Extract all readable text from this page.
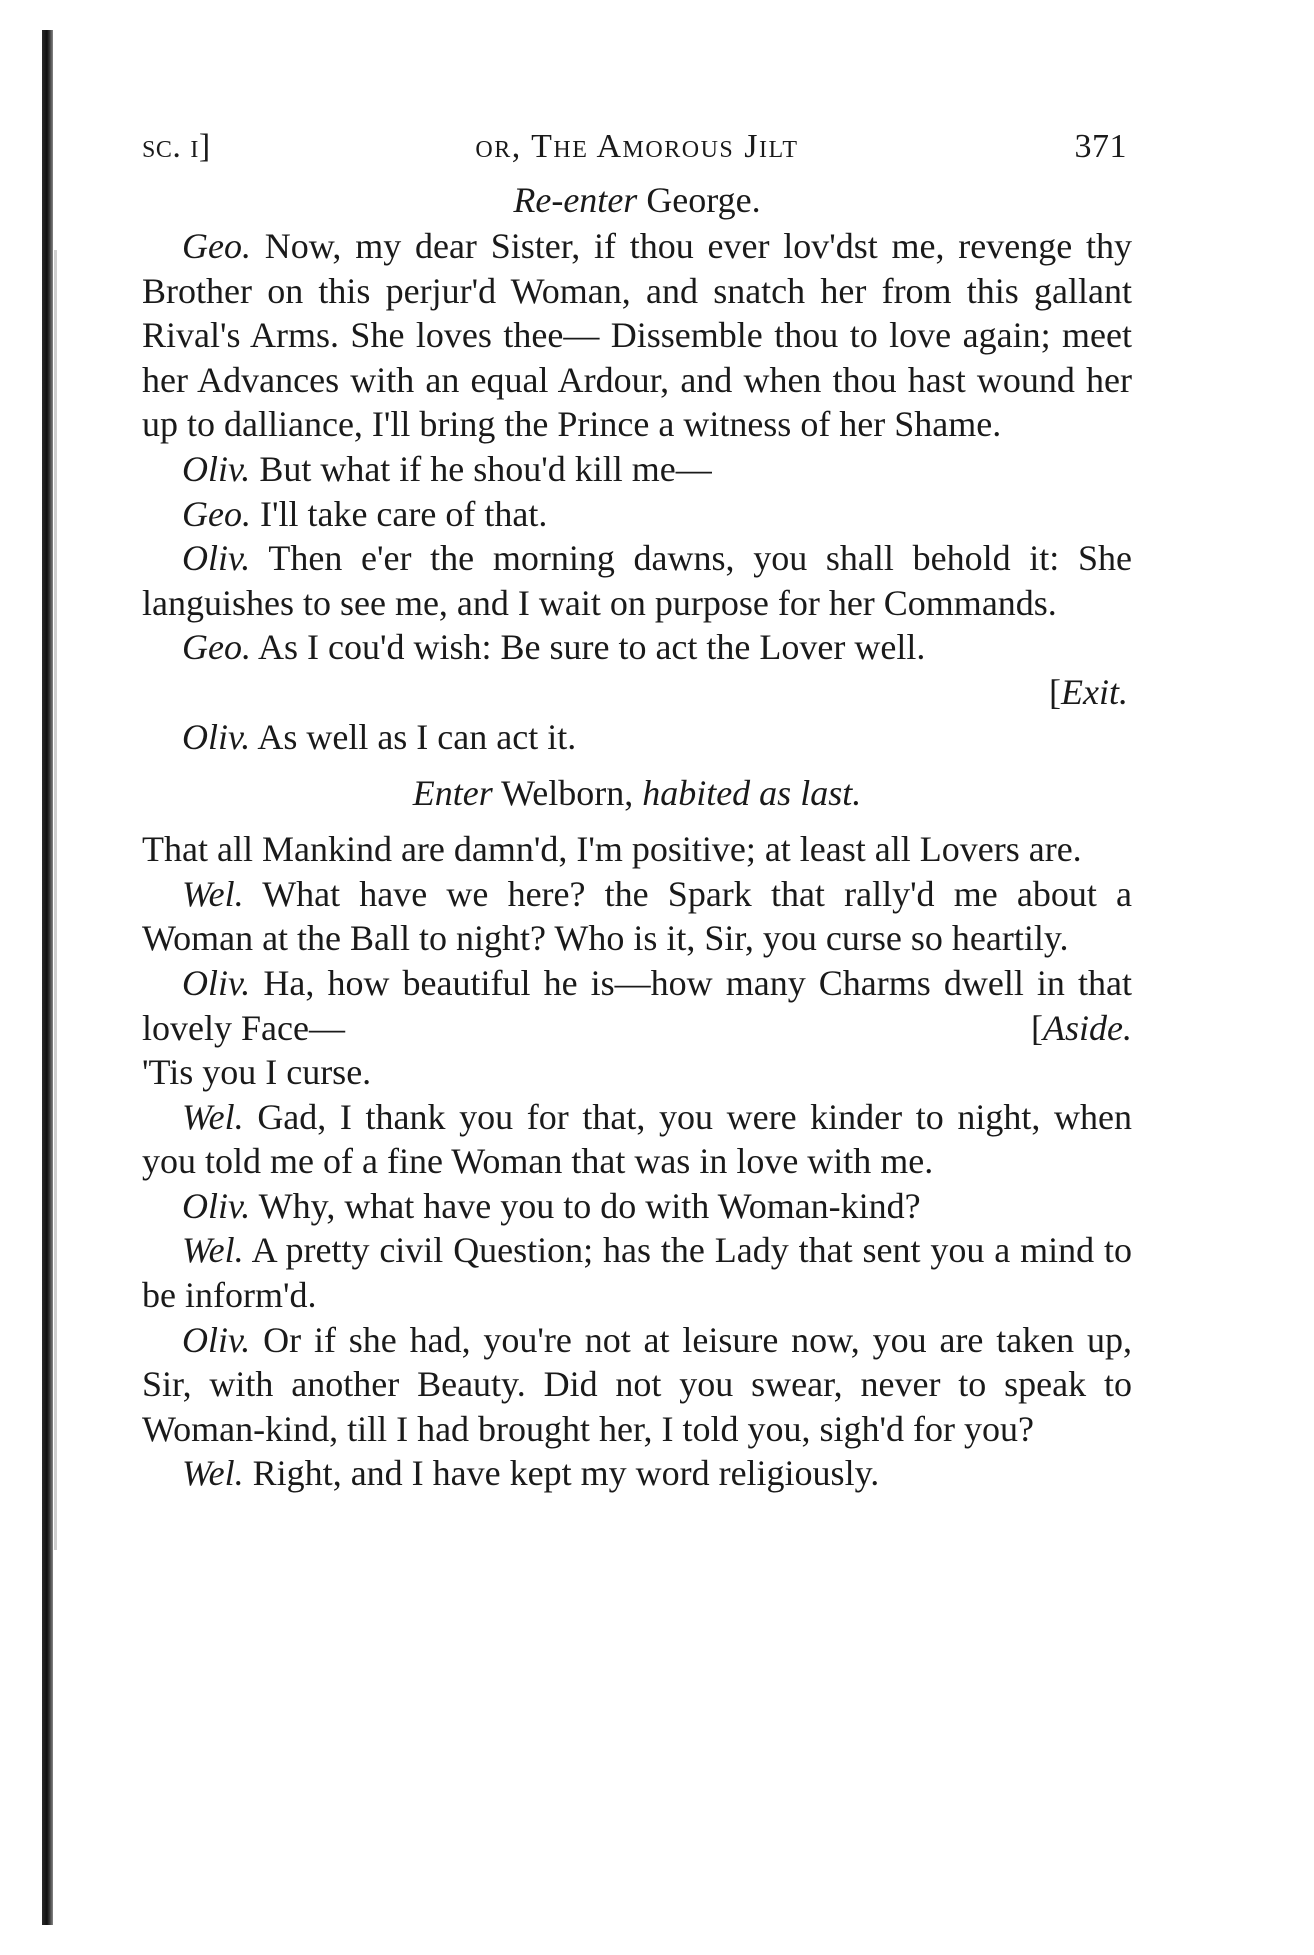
sc. i]	or, The Amorous Jilt	371
Re-enter George.

Geo. Now, my dear Sister, if thou ever lov'dst me, revenge thy Brother on this perjur'd Woman, and snatch her from this gallant Rival's Arms. She loves thee— Dissemble thou to love again; meet her Advances with an equal Ardour, and when thou hast wound her up to dalliance, I'll bring the Prince a witness of her Shame.

Oliv. But what if he shou'd kill me—

Geo. I'll take care of that.

Oliv. Then e'er the morning dawns, you shall behold it: She languishes to see me, and I wait on purpose for her Commands.

Geo. As I cou'd wish: Be sure to act the Lover well.

[Exit.

Oliv. As well as I can act it.

Enter Welborn, habited as last.

That all Mankind are damn'd, I'm positive; at least all Lovers are.

Wel. What have we here? the Spark that rally'd me about a Woman at the Ball to night? Who is it, Sir, you curse so heartily.

Oliv. Ha, how beautiful he is—how many Charms dwell in that lovely Face—	[Aside.

'Tis you I curse.

Wel. Gad, I thank you for that, you were kinder to night, when you told me of a fine Woman that was in love with me.

Oliv. Why, what have you to do with Woman-kind?

Wel. A pretty civil Question; has the Lady that sent you a mind to be inform'd.

Oliv. Or if she had, you're not at leisure now, you are taken up, Sir, with another Beauty. Did not you swear, never to speak to Woman-kind, till I had brought her, I told you, sigh'd for you?

Wel. Right, and I have kept my word religiously.
